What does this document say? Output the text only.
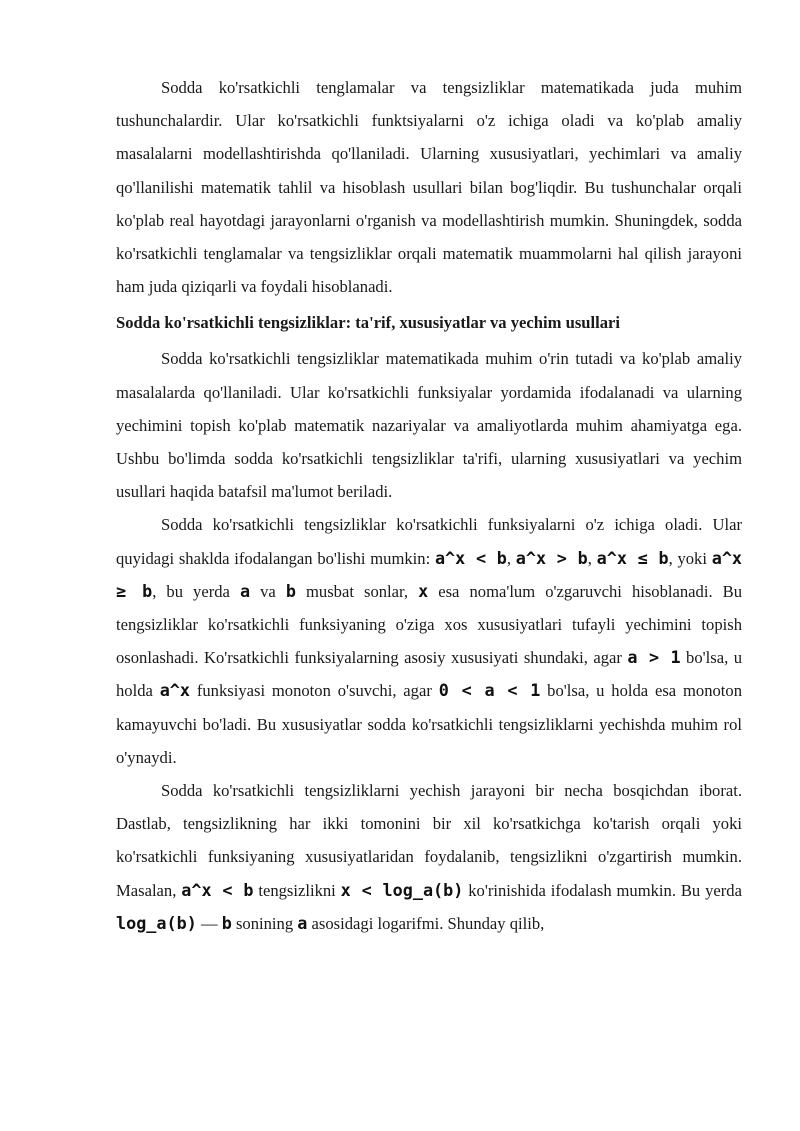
Sodda ko'rsatkichli tenglamalar va tengsizliklar matematikada juda muhim tushunchalardir. Ular ko'rsatkichli funktsiyalarni o'z ichiga oladi va ko'plab amaliy masalalarni modellashtirishda qo'llaniladi. Ularning xususiyatlari, yechimlari va amaliy qo'llanilishi matematik tahlil va hisoblash usullari bilan bog'liqdir. Bu tushunchalar orqali ko'plab real hayotdagi jarayonlarni o'rganish va modellashtirish mumkin. Shuningdek, sodda ko'rsatkichli tenglamalar va tengsizliklar orqali matematik muammolarni hal qilish jarayoni ham juda qiziqarli va foydali hisoblanadi.

Sodda ko'rsatkichli tengsizliklar: ta'rif, xususiyatlar va yechim usullari

Sodda ko'rsatkichli tengsizliklar matematikada muhim o'rin tutadi va ko'plab amaliy masalalarda qo'llaniladi. Ular ko'rsatkichli funksiyalar yordamida ifodalanadi va ularning yechimini topish ko'plab matematik nazariyalar va amaliyotlarda muhim ahamiyatga ega. Ushbu bo'limda sodda ko'rsatkichli tengsizliklar ta'rifi, ularning xususiyatlari va yechim usullari haqida batafsil ma'lumot beriladi.

Sodda ko'rsatkichli tengsizliklar ko'rsatkichli funksiyalarni o'z ichiga oladi. Ular quyidagi shaklda ifodalangan bo'lishi mumkin: a^x < b, a^x > b, a^x ≤ b, yoki a^x ≥ b, bu yerda a va b musbat sonlar, x esa noma'lum o'zgaruvchi hisoblanadi. Bu tengsizliklar ko'rsatkichli funksiyaning o'ziga xos xususiyatlari tufayli yechimini topish osonlashadi. Ko'rsatkichli funksiyalarning asosiy xususiyati shundaki, agar a > 1 bo'lsa, u holda a^x funksiyasi monoton o'suvchi, agar 0 < a < 1 bo'lsa, u holda esa monoton kamayuvchi bo'ladi. Bu xususiyatlar sodda ko'rsatkichli tengsizliklarni yechishda muhim rol o'ynaydi.

Sodda ko'rsatkichli tengsizliklarni yechish jarayoni bir necha bosqichdan iborat. Dastlab, tengsizlikning har ikki tomonini bir xil ko'rsatkichga ko'tarish orqali yoki ko'rsatkichli funksiyaning xususiyatlaridan foydalanib, tengsizlikni o'zgartirish mumkin. Masalan, a^x < b tengsizlikni x < log_a(b) ko'rinishida ifodalash mumkin. Bu yerda log_a(b) — b sonining a asosidagi logarifmi. Shunday qilib,
